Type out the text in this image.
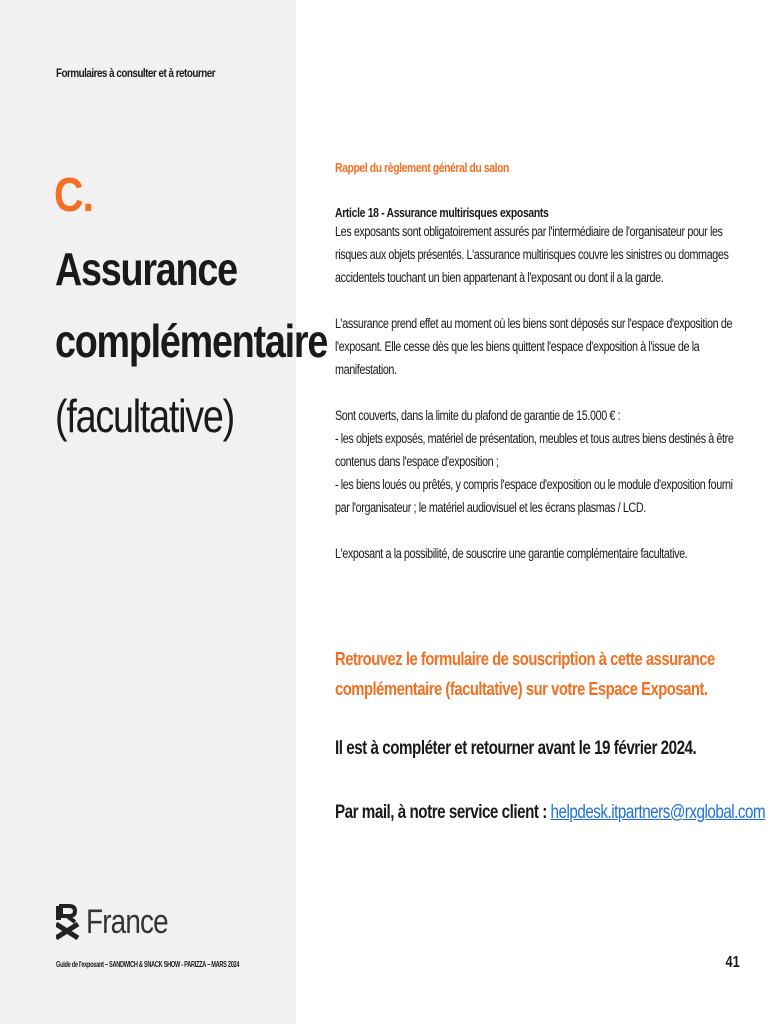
Formulaires à consulter et à retourner
C.
Assurance
complémentaire
(facultative)
France
Guide de l'exposant – SANDWICH & SNACK SHOW - PARIZZA – MARS 2024

Rappel du règlement général du salon

Article 18 - Assurance multirisques exposants

Les exposants sont obligatoirement assurés par l'intermédiaire de l'organisateur pour les risques aux objets présentés. L'assurance multirisques couvre les sinistres ou dommages accidentels touchant un bien appartenant à l'exposant ou dont il a la garde.

L'assurance prend effet au moment où les biens sont déposés sur l'espace d'exposition de l'exposant. Elle cesse dès que les biens quittent l'espace d'exposition à l'issue de la manifestation.

Sont couverts, dans la limite du plafond de garantie de 15.000 € :

- les objets exposés, matériel de présentation, meubles et tous autres biens destinés à être contenus dans l'espace d'exposition ;

- les biens loués ou prêtés, y compris l'espace d'exposition ou le module d'exposition fourni par l'organisateur ; le matériel audiovisuel et les écrans plasmas / LCD.

L'exposant a la possibilité, de souscrire une garantie complémentaire facultative.

Retrouvez le formulaire de souscription à cette assurance complémentaire (facultative) sur votre Espace Exposant.
Il est à compléter et retourner avant le 19 février 2024.
Par mail, à notre service client : helpdesk.itpartners@rxglobal.com
41
